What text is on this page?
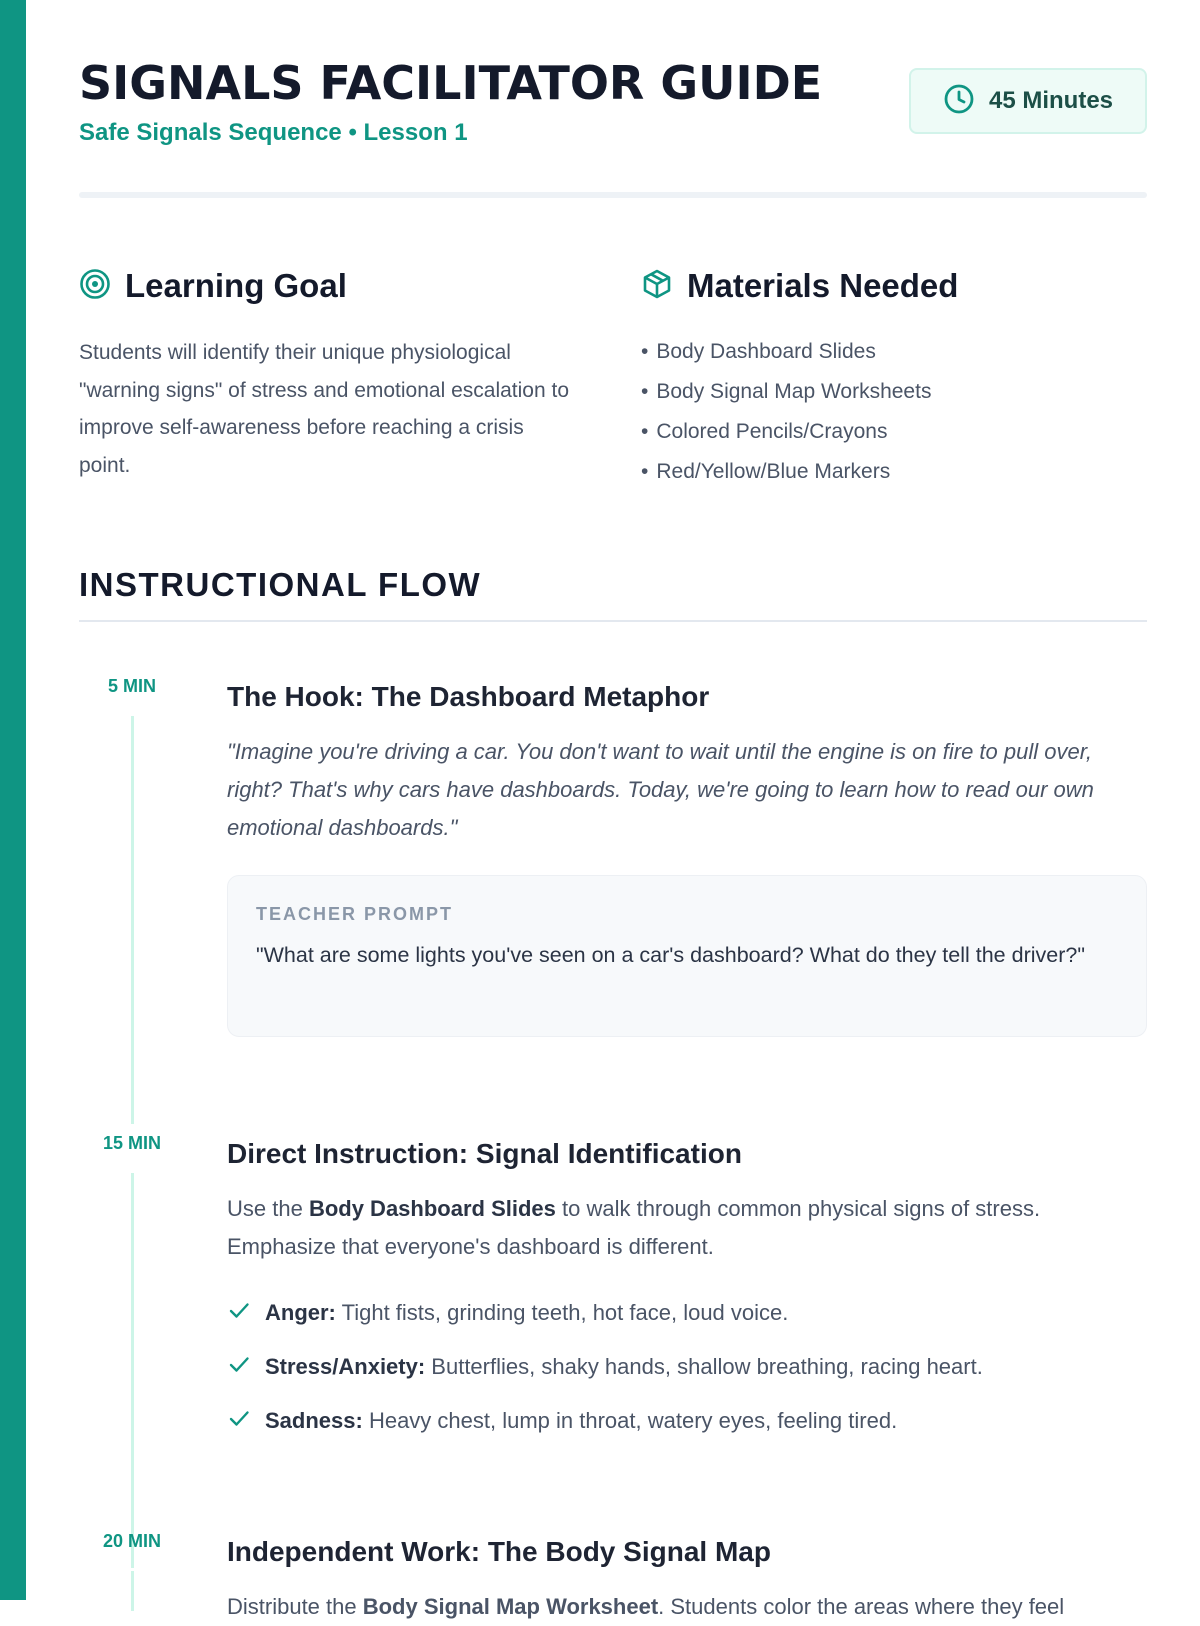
SIGNALS FACILITATOR GUIDE
Safe Signals Sequence • Lesson 1
45 Minutes
Learning Goal
Students will identify their unique physiological "warning signs" of stress and emotional escalation to improve self-awareness before reaching a crisis point.
Materials Needed
• Body Dashboard Slides
• Body Signal Map Worksheets
• Colored Pencils/Crayons
• Red/Yellow/Blue Markers
INSTRUCTIONAL FLOW
5 MIN	The Hook: The Dashboard Metaphor
"Imagine you're driving a car. You don't want to wait until the engine is on fire to pull over, right? That's why cars have dashboards. Today, we're going to learn how to read our own emotional dashboards."
TEACHER PROMPT
"What are some lights you've seen on a car's dashboard? What do they tell the driver?"
15 MIN	Direct Instruction: Signal Identification
Use the Body Dashboard Slides to walk through common physical signs of stress. Emphasize that everyone's dashboard is different.
Anger: Tight fists, grinding teeth, hot face, loud voice.
Stress/Anxiety: Butterflies, shaky hands, shallow breathing, racing heart.
Sadness: Heavy chest, lump in throat, watery eyes, feeling tired.
20 MIN	Independent Work: The Body Signal Map
Distribute the Body Signal Map Worksheet. Students color the areas where they feel
